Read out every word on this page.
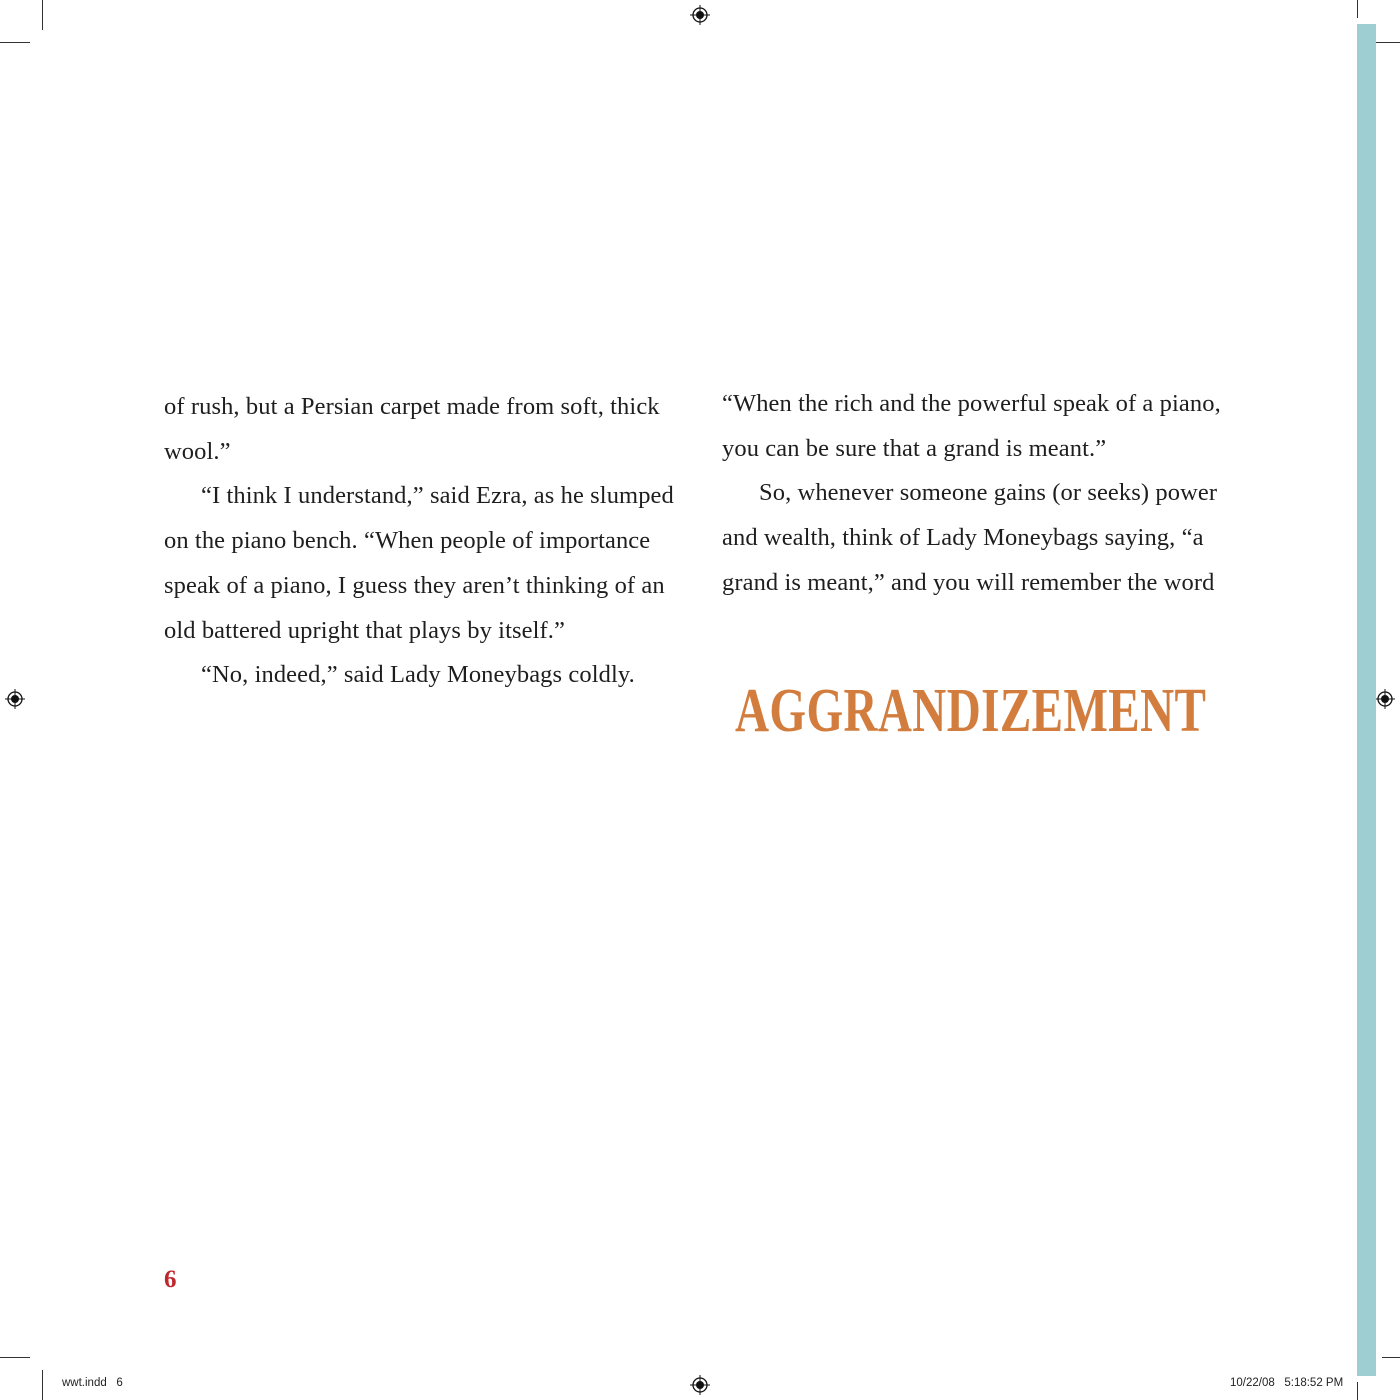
of rush, but a Persian carpet made from soft, thick wool.”

“I think I understand,” said Ezra, as he slumped on the piano bench. “When people of importance speak of a piano, I guess they aren’t thinking of an old battered upright that plays by itself.”

“No, indeed,” said Lady Moneybags coldly.

“When the rich and the powerful speak of a piano, you can be sure that a grand is meant.”

So, whenever someone gains (or seeks) power and wealth, think of Lady Moneybags saying, “a grand is meant,” and you will remember the word

AGGRANDIZEMENT
6
wwt.indd   6	10/22/08   5:18:52 PM
